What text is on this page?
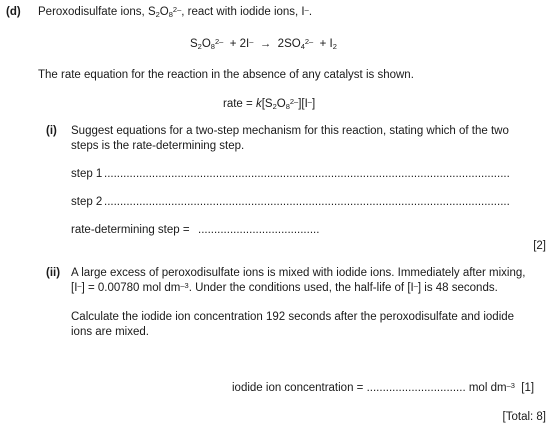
(d) Peroxodisulfate ions, $S_2O_8^{2-}$, react with iodide ions, I–.
$S_2O_8^{2-} + 2I^- \to 2SO_4^{2-} + I_2$
The rate equation for the reaction in the absence of any catalyst is shown.
rate = $k[S_2O_8^{2-}][I^-]$
(i) Suggest equations for a two-step mechanism for this reaction, stating which of the two
steps is the rate-determining step.
step 1 ...............................................................................................................................
step 2 ...............................................................................................................................
rate-determining step = ......................................
[2]
(ii) A large excess of peroxodisulfate ions is mixed with iodide ions. Immediately after mixing,
[I–] = 0.00780 mol $dm^{-3}$. Under the conditions used, the half-life of [I–] is 48 seconds.
Calculate the iodide ion concentration 192 seconds after the peroxodisulfate and iodide
ions are mixed.
iodide ion concentration = ............................... mol $dm^{-3}$ [1]
[Total: 8]
